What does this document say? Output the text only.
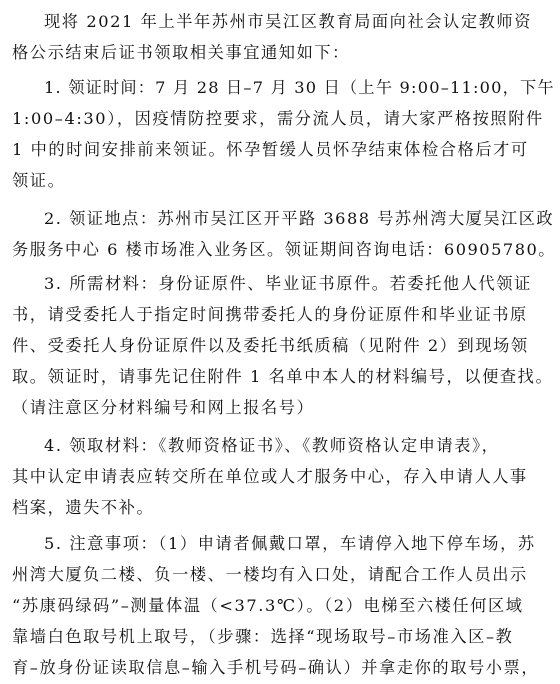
现将 2021 年上半年苏州市吴江区教育局面向社会认定教师资
格公示结束后证书领取相关事宜通知如下：
1. 领证时间：7 月 28 日–7 月 30 日（上午 9:00–11:00，下午
1:00–4:30），因疫情防控要求，需分流人员，请大家严格按照附件
1 中的时间安排前来领证。怀孕暂缓人员怀孕结束体检合格后才可
领证。
2. 领证地点：苏州市吴江区开平路 3688 号苏州湾大厦吴江区政
务服务中心 6 楼市场准入业务区。领证期间咨询电话：60905780。
3. 所需材料：身份证原件、毕业证书原件。若委托他人代领证
书，请受委托人于指定时间携带委托人的身份证原件和毕业证书原
件、受委托人身份证原件以及委托书纸质稿（见附件 2）到现场领
取。领证时，请事先记住附件 1 名单中本人的材料编号，以便查找。
（请注意区分材料编号和网上报名号）
4. 领取材料：《教师资格证书》、《教师资格认定申请表》，
其中认定申请表应转交所在单位或人才服务中心，存入申请人人事
档案，遗失不补。
5. 注意事项：（1）申请者佩戴口罩，车请停入地下停车场，苏
州湾大厦负二楼、负一楼、一楼均有入口处，请配合工作人员出示
“苏康码绿码”–测量体温（<37.3℃）。（2）电梯至六楼任何区域
靠墙白色取号机上取号，（步骤：选择“现场取号–市场准入区–教
育–放身份证读取信息–输入手机号码–确认）并拿走你的取号小票，
